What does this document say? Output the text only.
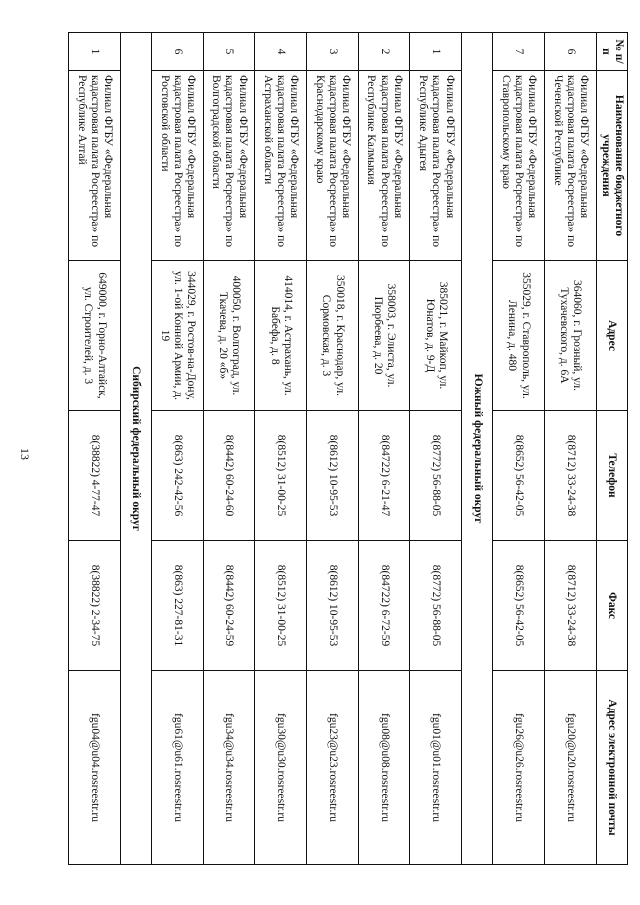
13
№ п/п	Наименование бюджетного учреждения	Адрес	Телефон	Факс	Адрес электронной почты
6	Филиал ФГБУ «Федеральная кадастровая палата Росреестра» по Чеченской Республике	364060, г. Грозный, ул. Тухачевского, д. 6А	8(8712) 33-24-38	8(8712) 33-24-38	fgu20@u20.rosreestr.ru
7	Филиал ФГБУ «Федеральная кадастровая палата Росреестра» по Ставропольскому краю	355029, г. Ставрополь, ул. Ленина, д. 480	8(8652) 56-42-05	8(8652) 56-42-05	fgu26@u26.rosreestr.ru
Южный федеральный округ					
1	Филиал ФГБУ «Федеральная кадастровая палата Росреестра» по Республике Адыгея	385021, г. Майкоп, ул. Юнатов, д. 9-Д	8(8772) 56-88-05	8(8772) 56-88-05	fgu01@u01.rosreestr.ru
2	Филиал ФГБУ «Федеральная кадастровая палата Росреестра» по Республике Калмыкия	358003, г. Элиста, ул. Пюрбеева, д. 20	8(84722) 6-21-47	8(84722) 6-72-59	fgu08@u08.rosreestr.ru
3	Филиал ФГБУ «Федеральная кадастровая палата Росреестра» по Краснодарскому краю	350018, г. Краснодар, ул. Сормовская, д. 3	8(8612) 10-95-53	8(8612) 10-95-53	fgu23@u23.rosreestr.ru
4	Филиал ФГБУ «Федеральная кадастровая палата Росреестра» по Астраханской области	414014, г. Астрахань, ул. Бабефа, д. 8	8(8512) 31-00-25	8(8512) 31-00-25	fgu30@u30.rosreestr.ru
5	Филиал ФГБУ «Федеральная кадастровая палата Росреестра» по Волгоградской области	400050, г. Волгоград, ул. Ткачева, д. 20 «б»	8(8442) 60-24-60	8(8442) 60-24-59	fgu34@u34.rosreestr.ru
6	Филиал ФГБУ «Федеральная кадастровая палата Росреестра» по Ростовской области	344029, г. Ростов-на-Дону, ул. 1-ой Конной Армии, д. 19	8(863) 242-42-56	8(863) 227-81-31	fgu61@u61.rosreestr.ru
Сибирский федеральный округ					
1	Филиал ФГБУ «Федеральная кадастровая палата Росреестра» по Республике Алтай	649000, г. Горно-Алтайск, ул. Строителей, д. 3	8(38822) 4-77-47	8(38822) 2-34-75	fgu04@u04.rosreestr.ru
